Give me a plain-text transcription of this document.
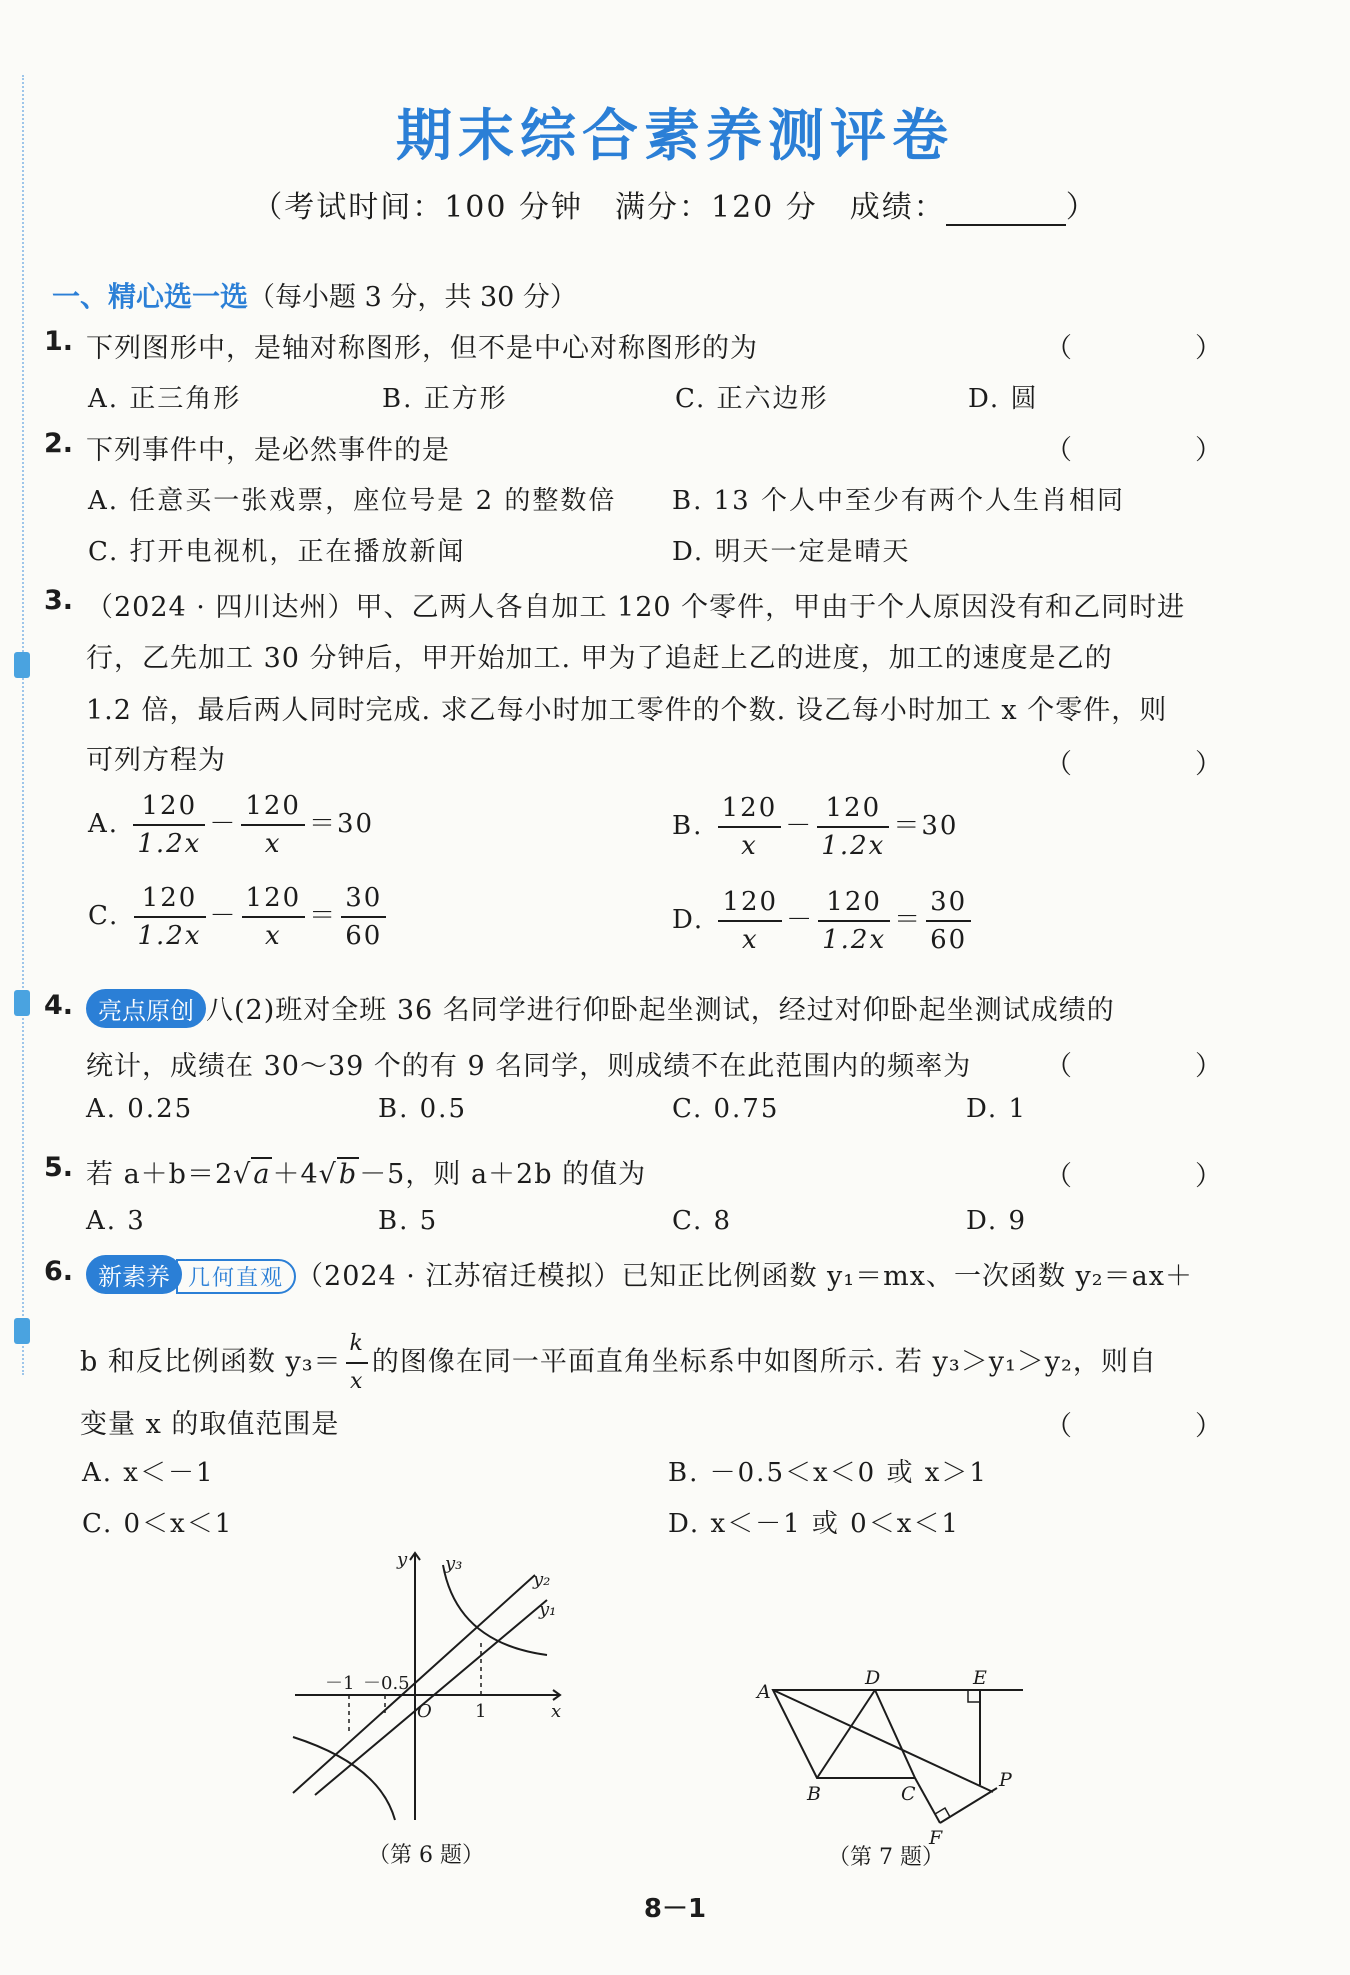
期末综合素养测评卷
（考试时间：100 分钟　满分：120 分　成绩：	）
一、精心选一选（每小题 3 分，共 30 分）
1. 下列图形中，是轴对称图形，但不是中心对称图形的为	（　）
A. 正三角形	B. 正方形	C. 正六边形	D. 圆
2. 下列事件中，是必然事件的是	（　）
A. 任意买一张戏票，座位号是 2 的整数倍 B. 13 个人中至少有两个人生肖相同
C. 打开电视机，正在播放新闻	D. 明天一定是晴天
3. （2024 · 四川达州）甲、乙两人各自加工 120 个零件，甲由于个人原因没有和乙同时进
行，乙先加工 30 分钟后，甲开始加工. 甲为了追赶上乙的进度，加工的速度是乙的
1.2 倍，最后两人同时完成. 求乙每小时加工零件的个数. 设乙每小时加工 x 个零件，则
可列方程为	（　）
A. $\frac{120}{1.2x} - \frac{120}{x} =30$	B. $\frac{120}{x} - \frac{120}{1.2x} =30$
C. $\frac{120}{1.2x} - \frac{120}{x} = \frac{30}{60}$	D. $\frac{120}{x} - \frac{120}{1.2x} = \frac{30}{60}$
4.	亮点原创 八(2)班对全班 36 名同学进行仰卧起坐测试，经过对仰卧起坐测试成绩的
统计，成绩在 30～39 个的有 9 名同学，则成绩不在此范围内的频率为	（　）
A. 0.25	B. 0.5	C. 0.75	D. 1
5. 若 a＋b＝2√a＋4√b－5，则 a＋2b 的值为	（　）
A. 3	B. 5	C. 8	D. 9
6.	新素养 几何直观 （2024 · 江苏宿迁模拟）已知正比例函数 y₁＝mx、一次函数 y₂＝ax＋
b 和反比例函数 $y_3= \frac{k}{x}$ 的图像在同一平面直角坐标系中如图所示. 若 y₃＞y₁＞y₂，则自
变量 x 的取值范围是	（　）
A. x＜－1	B. －0.5＜x＜0 或 x＞1
C. 0＜x＜1	D. x＜－1 或 0＜x＜1
y
x
O
y₃
y₂
y₁
－1 －0.5
1
（第 6 题）
A
D	E
B	C
F
P
（第 7 题）
8－1
